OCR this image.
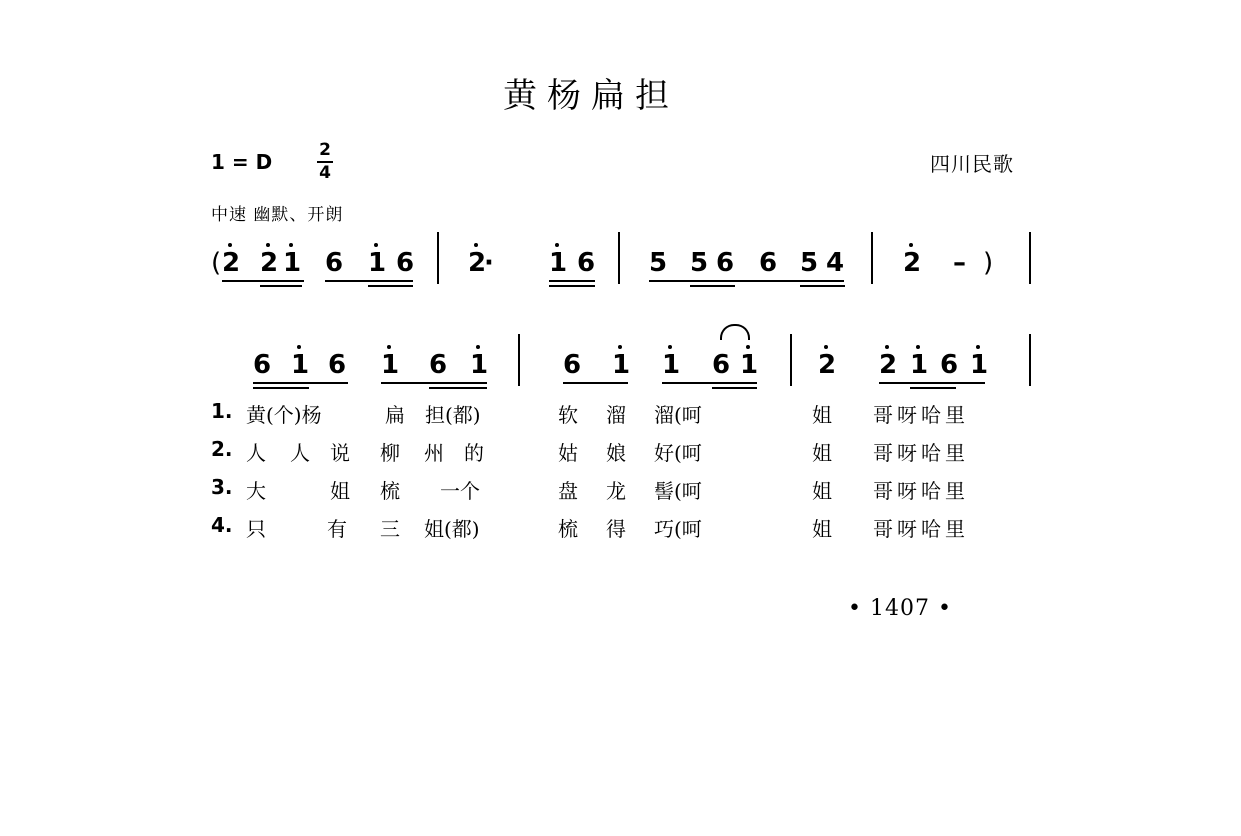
黄杨扁担
1 = D	2
4	四川民歌
中速 幽默、开朗
( 2 2 1 6 1 6 2
· 1 6 5 5 6 6 5 4 2 – )
6 1 6 1 6 1	6 1 1 6 1 2 2 1 6 1
1. 黄(个)杨	扁 担(都)	软 溜 溜(呵	姐 哥呀哈里
2. 人 人 说 柳 州 的	姑 娘 好(呵	姐 哥呀哈里
3. 大	姐 梳 一个	盘 龙 髻(呵	姐 哥呀哈里
4. 只	有 三 姐(都)	梳 得 巧(呵	姐 哥呀哈里
• 1407 •
